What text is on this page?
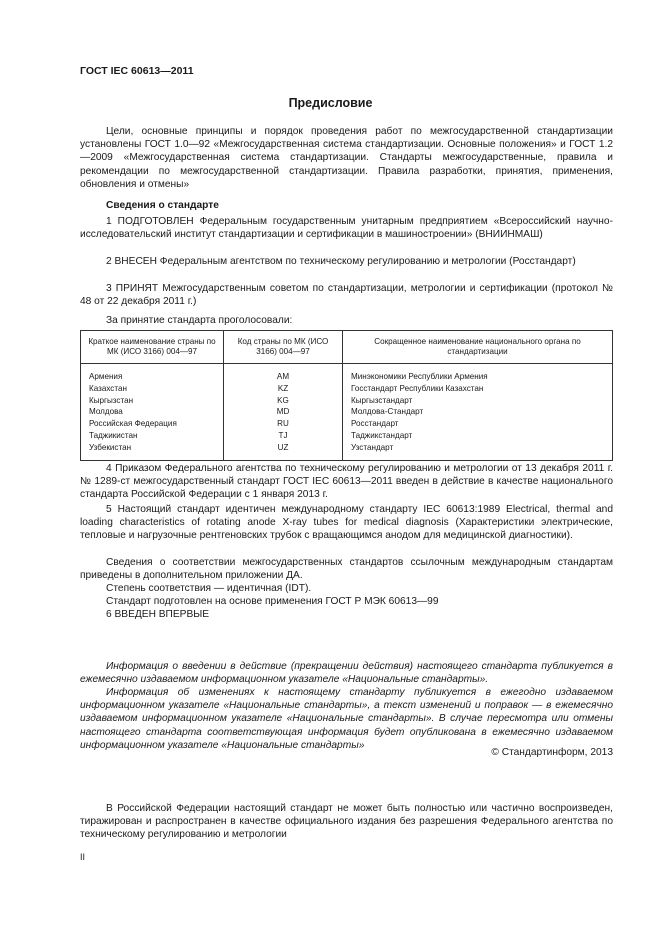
ГОСТ IEC 60613—2011
Предисловие

Цели, основные принципы и порядок проведения работ по межгосударственной стандартизации установлены ГОСТ 1.0—92 «Межгосударственная система стандартизации. Основные положения» и ГОСТ 1.2—2009 «Межгосударственная система стандартизации. Стандарты межгосударственные, правила и рекомендации по межгосударственной стандартизации. Правила разработки, принятия, применения, обновления и отмены»

Сведения о стандарте

1 ПОДГОТОВЛЕН Федеральным государственным унитарным предприятием «Всероссийский научно-исследовательский институт стандартизации и сертификации в машиностроении» (ВНИИНМАШ)

2 ВНЕСЕН Федеральным агентством по техническому регулированию и метрологии (Росстандарт)

3 ПРИНЯТ Межгосударственным советом по стандартизации, метрологии и сертификации (протокол № 48 от 22 декабря 2011 г.)

За принятие стандарта проголосовали:

Краткое наименование страны по МК (ИСО 3166) 004—97	Код страны по МК (ИСО 3166) 004—97	Сокращенное наименование национального органа по стандартизации
Армения	AM	Минэкономики Республики Армения
Казахстан	KZ	Госстандарт Республики Казахстан
Кыргызстан	KG	Кыргызстандарт
Молдова	MD	Молдова-Стандарт
Российская Федерация	RU	Росстандарт
Таджикистан	TJ	Таджикстандарт
Узбекистан	UZ	Узстандарт

4 Приказом Федерального агентства по техническому регулированию и метрологии от 13 декабря 2011 г. № 1289-ст межгосударственный стандарт ГОСТ IEC 60613—2011 введен в действие в качестве национального стандарта Российской Федерации с 1 января 2013 г.

5 Настоящий стандарт идентичен международному стандарту IEC 60613:1989 Electrical, thermal and loading characteristics of rotating anode X-ray tubes for medical diagnosis (Характеристики электрические, тепловые и нагрузочные рентгеновских трубок с вращающимся анодом для медицинской диагностики).

Сведения о соответствии межгосударственных стандартов ссылочным международным стандартам приведены в дополнительном приложении ДА.

Степень соответствия — идентичная (IDT).

Стандарт подготовлен на основе применения ГОСТ Р МЭК 60613—99

6 ВВЕДЕН ВПЕРВЫЕ

Информация о введении в действие (прекращении действия) настоящего стандарта публикуется в ежемесячно издаваемом информационном указателе «Национальные стандарты».

Информация об изменениях к настоящему стандарту публикуется в ежегодно издаваемом информационном указателе «Национальные стандарты», а текст изменений и поправок — в ежемесячно издаваемом информационном указателе «Национальные стандарты». В случае пересмотра или отмены настоящего стандарта соответствующая информация будет опубликована в ежемесячно издаваемом информационном указателе «Национальные стандарты»

© Стандартинформ, 2013

В Российской Федерации настоящий стандарт не может быть полностью или частично воспроизведен, тиражирован и распространен в качестве официального издания без разрешения Федерального агентства по техническому регулированию и метрологии

II
